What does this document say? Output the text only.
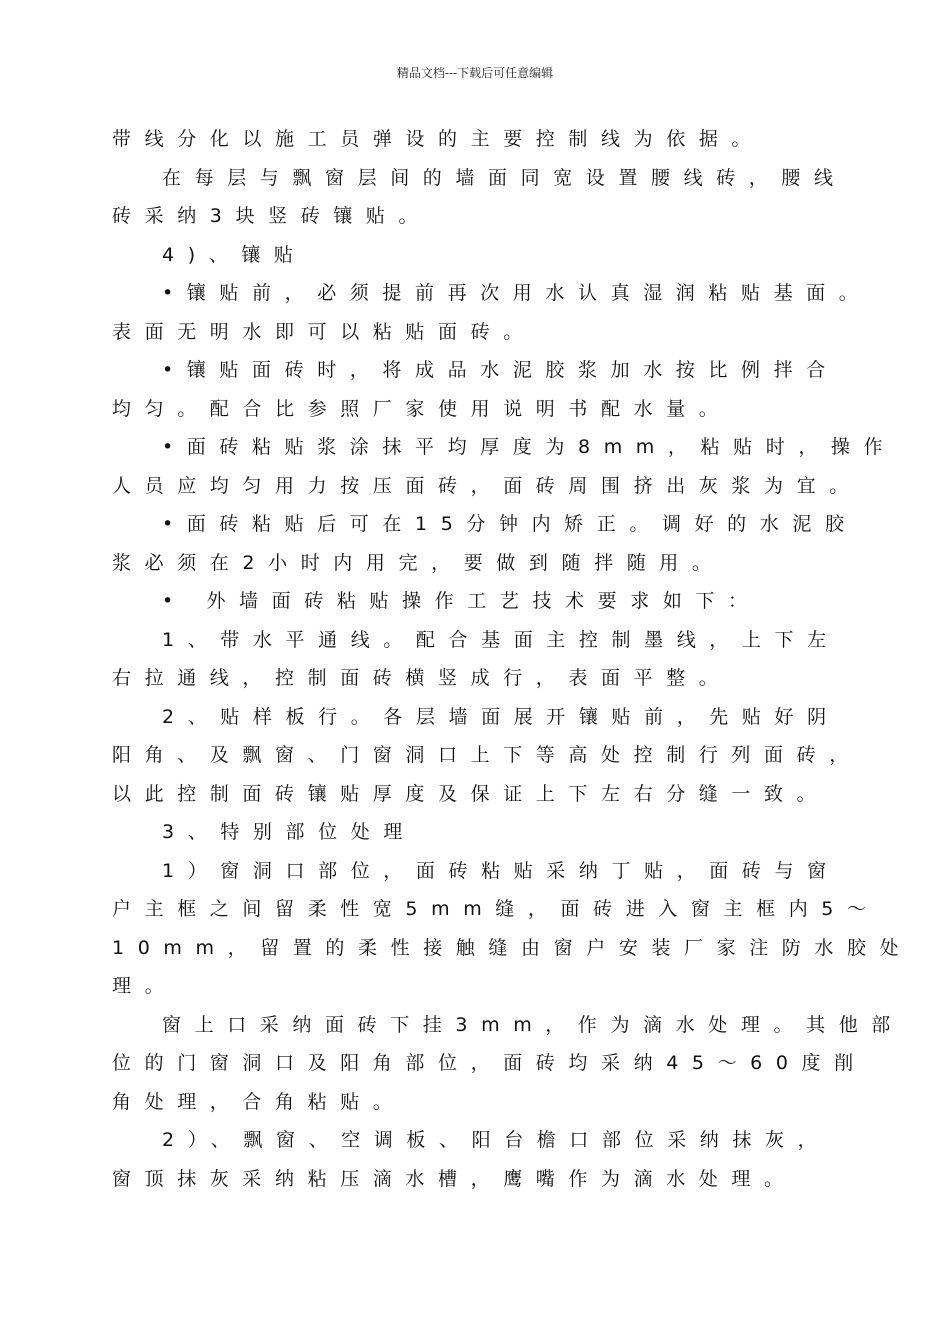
精品文档---下载后可任意编辑
带线分化以施工员弹设的主要控制线为依据。
在每层与飘窗层间的墙面同宽设置腰线砖，腰线
砖采纳3块竖砖镶贴。
4)、镶贴
•镶贴前，必须提前再次用水认真湿润粘贴基面。
表面无明水即可以粘贴面砖。
•镶贴面砖时，将成品水泥胶浆加水按比例拌合
均匀。配合比参照厂家使用说明书配水量。
•面砖粘贴浆涂抹平均厚度为8mm，粘贴时，操作
人员应均匀用力按压面砖，面砖周围挤出灰浆为宜。
•面砖粘贴后可在15分钟内矫正。调好的水泥胶
浆必须在2小时内用完，要做到随拌随用。
• 外墙面砖粘贴操作工艺技术要求如下：
1、带水平通线。配合基面主控制墨线，上下左
右拉通线，控制面砖横竖成行，表面平整。
2、贴样板行。各层墙面展开镶贴前，先贴好阴
阳角、及飘窗、门窗洞口上下等高处控制行列面砖，
以此控制面砖镶贴厚度及保证上下左右分缝一致。
3、特别部位处理
1）窗洞口部位，面砖粘贴采纳丁贴，面砖与窗
户主框之间留柔性宽5mm缝，面砖进入窗主框内5～
10mm，留置的柔性接触缝由窗户安装厂家注防水胶处
理。
窗上口采纳面砖下挂3mm，作为滴水处理。其他部
位的门窗洞口及阳角部位，面砖均采纳45～60度削
角处理，合角粘贴。
2）、飘窗、空调板、阳台檐口部位采纳抹灰，
窗顶抹灰采纳粘压滴水槽，鹰嘴作为滴水处理。
